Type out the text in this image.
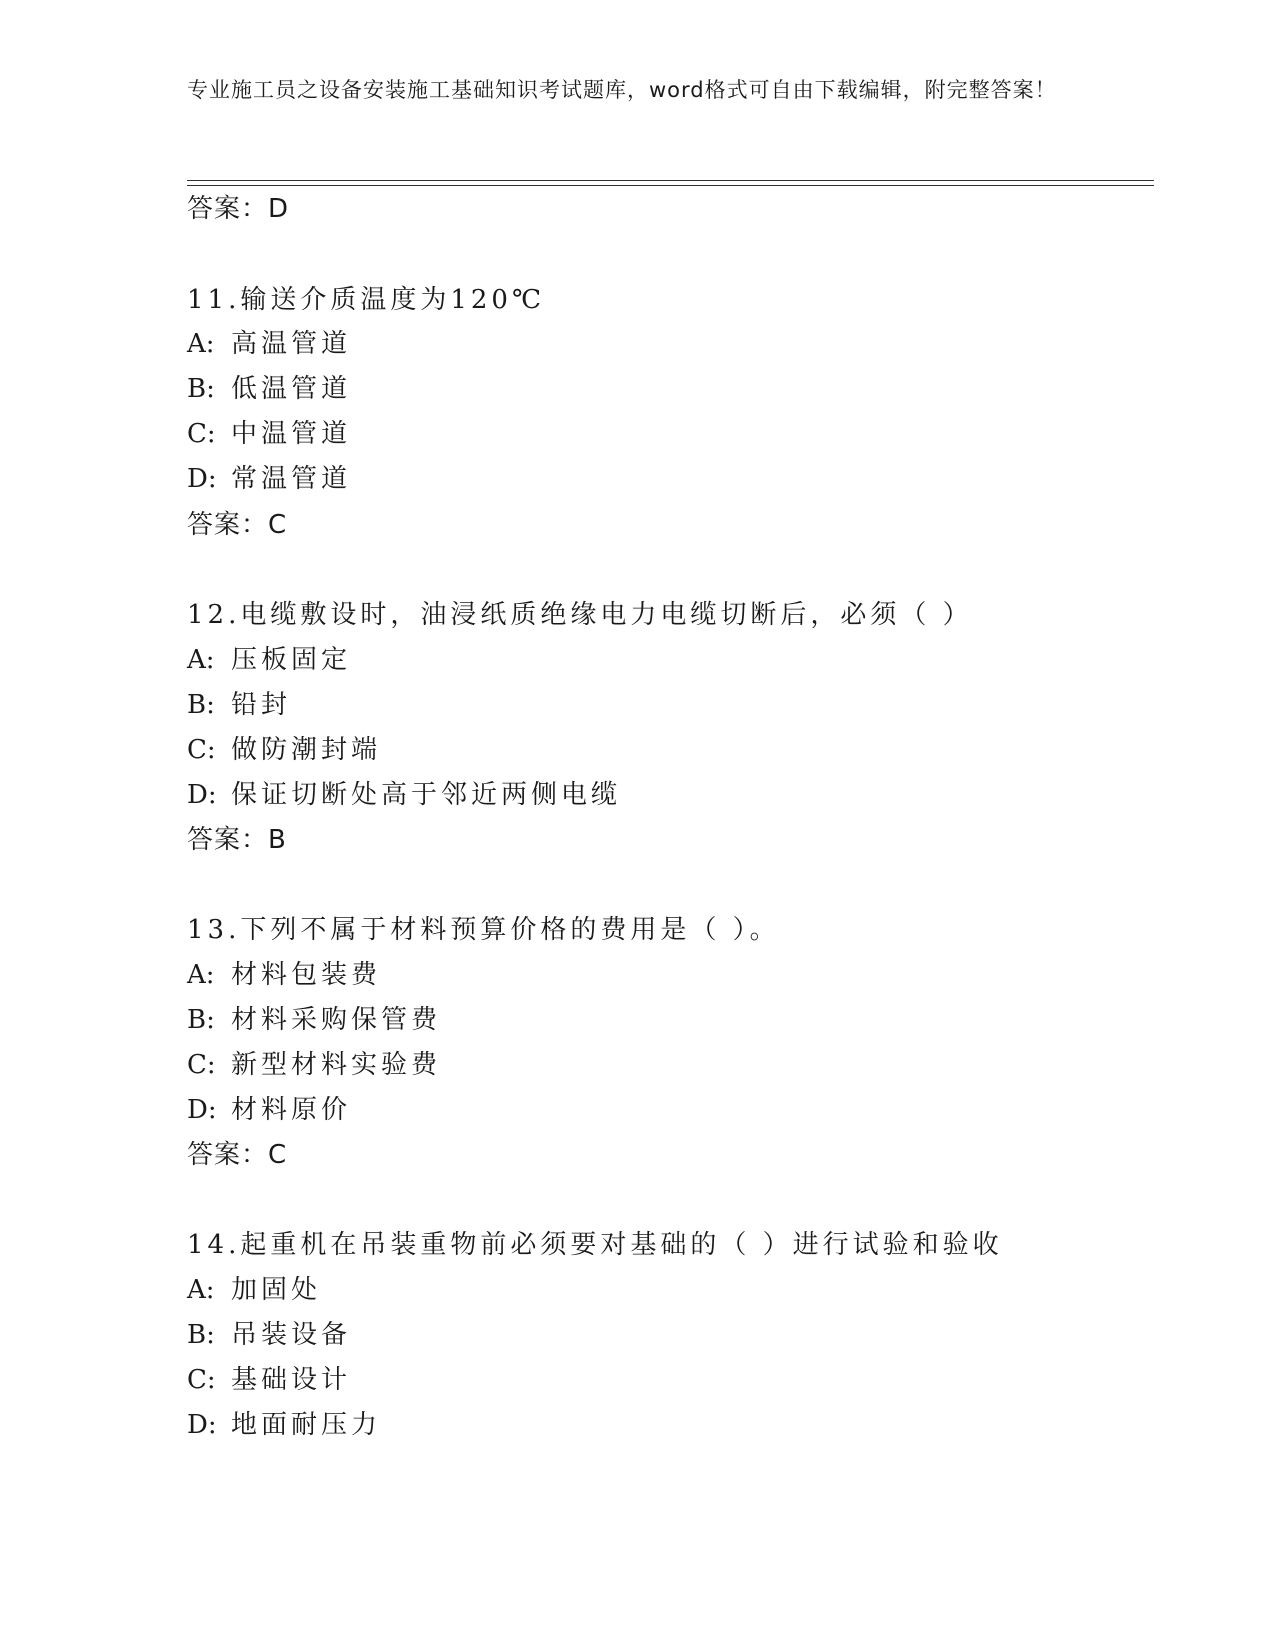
专业施工员之设备安装施工基础知识考试题库，word格式可自由下载编辑，附完整答案！
答案：D
11.输送介质温度为120℃
A: 高温管道
B: 低温管道
C: 中温管道
D: 常温管道
答案：C
12.电缆敷设时，油浸纸质绝缘电力电缆切断后，必须（ ）
A: 压板固定
B: 铅封
C: 做防潮封端
D: 保证切断处高于邻近两侧电缆
答案：B
13.下列不属于材料预算价格的费用是（ ）。
A: 材料包装费
B: 材料采购保管费
C: 新型材料实验费
D: 材料原价
答案：C
14.起重机在吊装重物前必须要对基础的（ ）进行试验和验收
A: 加固处
B: 吊装设备
C: 基础设计
D: 地面耐压力
